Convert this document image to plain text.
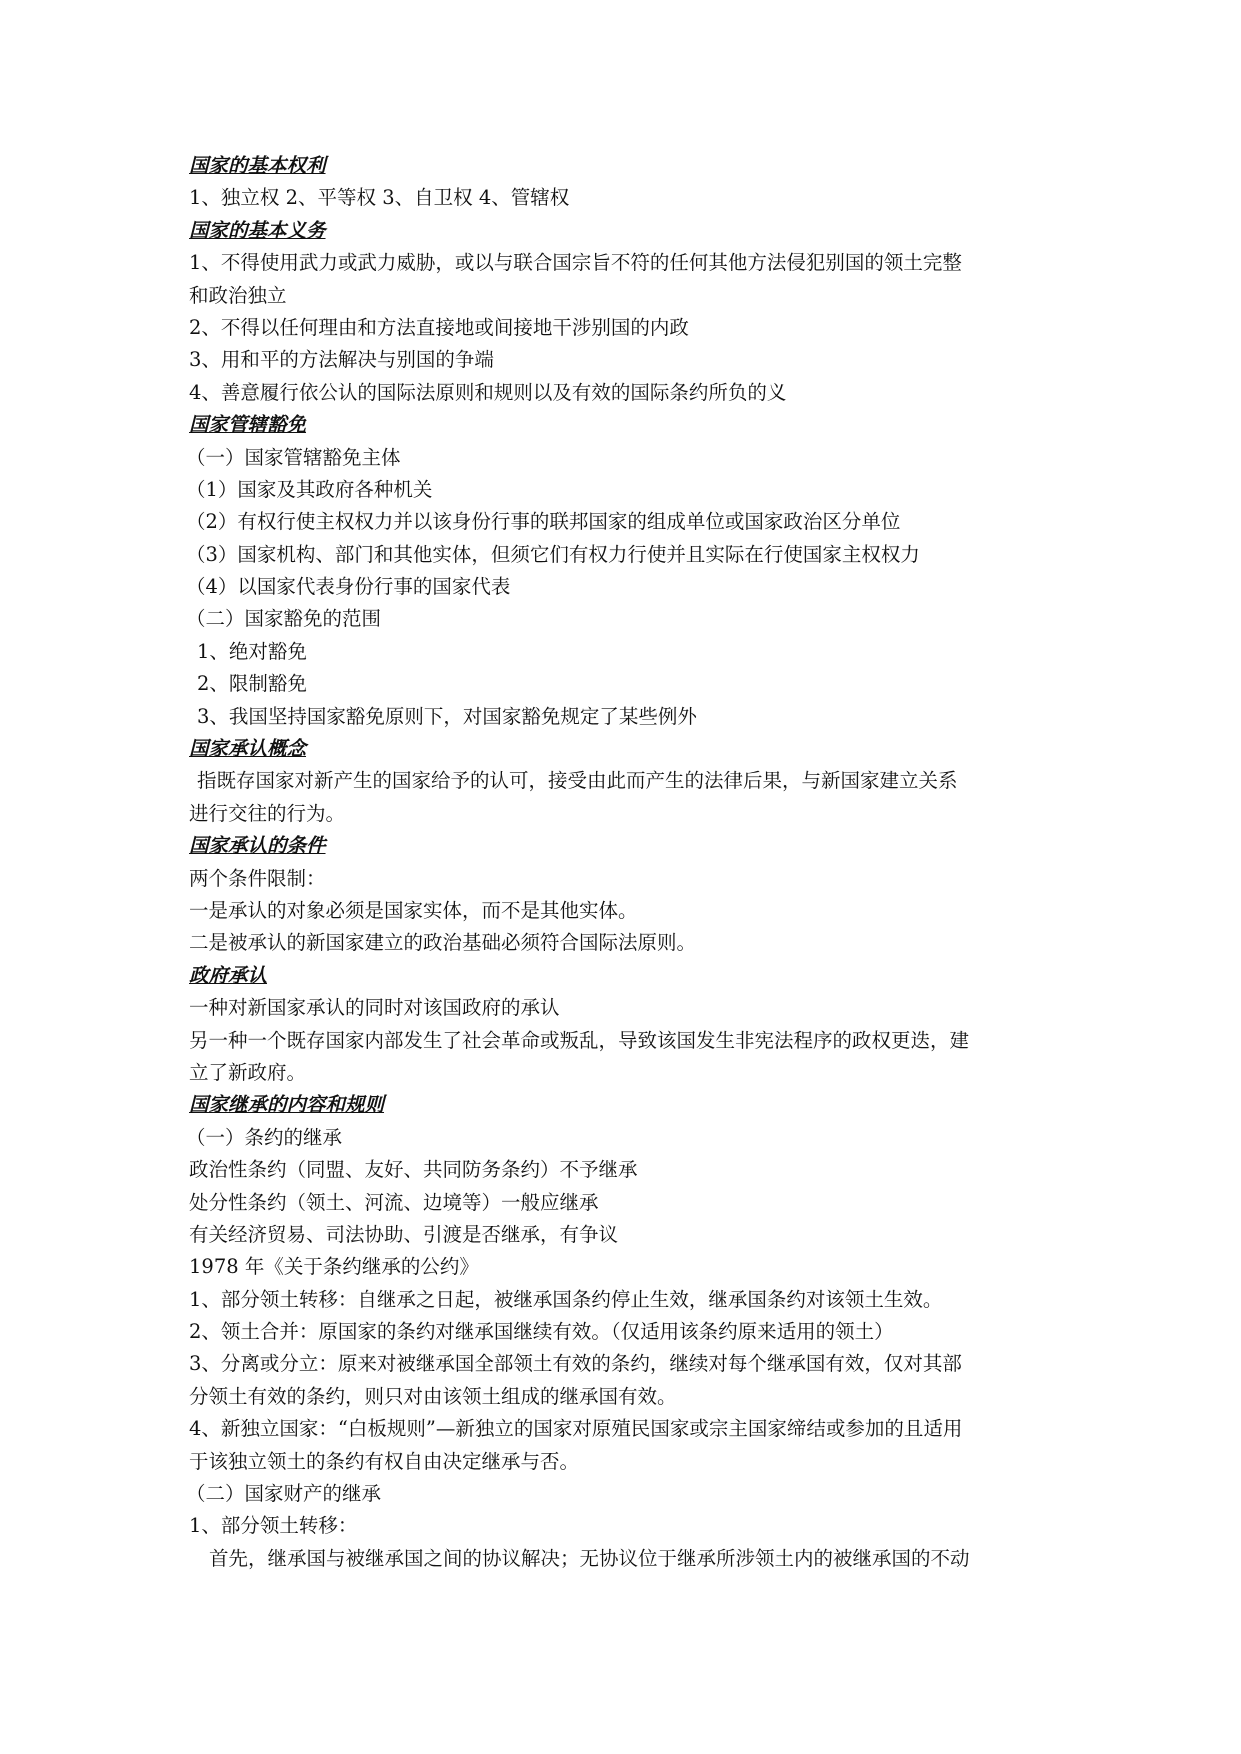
国家的基本权利
1、独立权 2、平等权 3、自卫权 4、管辖权
国家的基本义务
1、不得使用武力或武力威胁，或以与联合国宗旨不符的任何其他方法侵犯别国的领土完整
和政治独立
2、不得以任何理由和方法直接地或间接地干涉别国的内政
3、用和平的方法解决与别国的争端
4、善意履行依公认的国际法原则和规则以及有效的国际条约所负的义
国家管辖豁免
（一）国家管辖豁免主体
（1）国家及其政府各种机关
（2）有权行使主权权力并以该身份行事的联邦国家的组成单位或国家政治区分单位
（3）国家机构、部门和其他实体，但须它们有权力行使并且实际在行使国家主权权力
（4）以国家代表身份行事的国家代表
（二）国家豁免的范围
1、绝对豁免
2、限制豁免
3、我国坚持国家豁免原则下，对国家豁免规定了某些例外
国家承认概念
指既存国家对新产生的国家给予的认可，接受由此而产生的法律后果，与新国家建立关系
进行交往的行为。
国家承认的条件
两个条件限制：
一是承认的对象必须是国家实体，而不是其他实体。
二是被承认的新国家建立的政治基础必须符合国际法原则。
政府承认
一种对新国家承认的同时对该国政府的承认
另一种一个既存国家内部发生了社会革命或叛乱，导致该国发生非宪法程序的政权更迭，建
立了新政府。
国家继承的内容和规则
（一）条约的继承
政治性条约（同盟、友好、共同防务条约）不予继承
处分性条约（领土、河流、边境等）一般应继承
有关经济贸易、司法协助、引渡是否继承，有争议
1978 年《关于条约继承的公约》
1、部分领土转移：自继承之日起，被继承国条约停止生效，继承国条约对该领土生效。
2、领土合并：原国家的条约对继承国继续有效。（仅适用该条约原来适用的领土）
3、分离或分立：原来对被继承国全部领土有效的条约，继续对每个继承国有效，仅对其部
分领土有效的条约，则只对由该领土组成的继承国有效。
4、新独立国家：“白板规则”—新独立的国家对原殖民国家或宗主国家缔结或参加的且适用
于该独立领土的条约有权自由决定继承与否。
（二）国家财产的继承
1、部分领土转移：
首先，继承国与被继承国之间的协议解决；无协议位于继承所涉领土内的被继承国的不动
